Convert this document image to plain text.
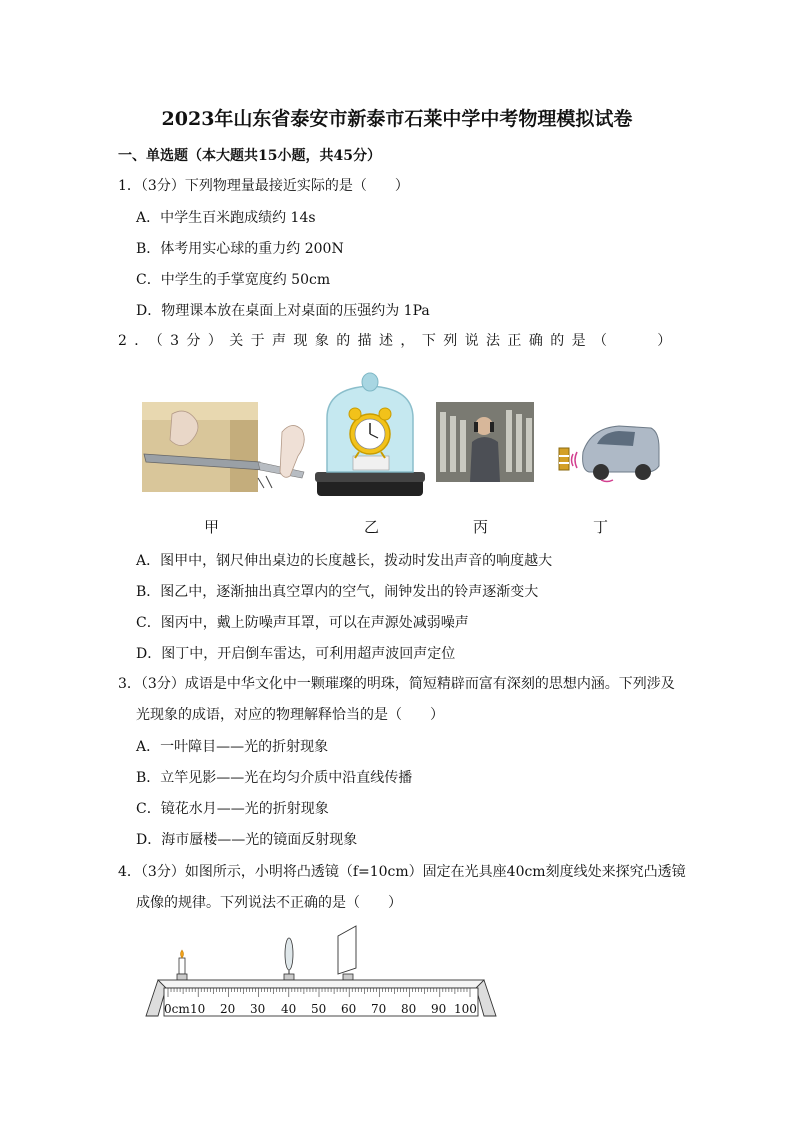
2023年山东省泰安市新泰市石莱中学中考物理模拟试卷
一、单选题（本大题共15小题，共45分）
1．（3分）下列物理量最接近实际的是（　　）
A．中学生百米跑成绩约 14s
B．体考用实心球的重力约 200N
C．中学生的手掌宽度约 50cm
D．物理课本放在桌面上对桌面的压强约为 1Pa
2．（3分）关于声现象的描述，下列说法正确的是（　　）
甲	乙	丙	丁
A．图甲中，钢尺伸出桌边的长度越长，拨动时发出声音的响度越大
B．图乙中，逐渐抽出真空罩内的空气，闹钟发出的铃声逐渐变大
C．图丙中，戴上防噪声耳罩，可以在声源处减弱噪声
D．图丁中，开启倒车雷达，可利用超声波回声定位
3．（3分）成语是中华文化中一颗璀璨的明珠，简短精辟而富有深刻的思想内涵。下列涉及
光现象的成语，对应的物理解释恰当的是（　　）
A．一叶障目——光的折射现象
B．立竿见影——光在均匀介质中沿直线传播
C．镜花水月——光的折射现象
D．海市蜃楼——光的镜面反射现象
4．（3分）如图所示，小明将凸透镜（f=10cm）固定在光具座40cm刻度线处来探究凸透镜
成像的规律。下列说法不正确的是（　　）
0cm 10 20 30 40 50 60 70 80 90 100
